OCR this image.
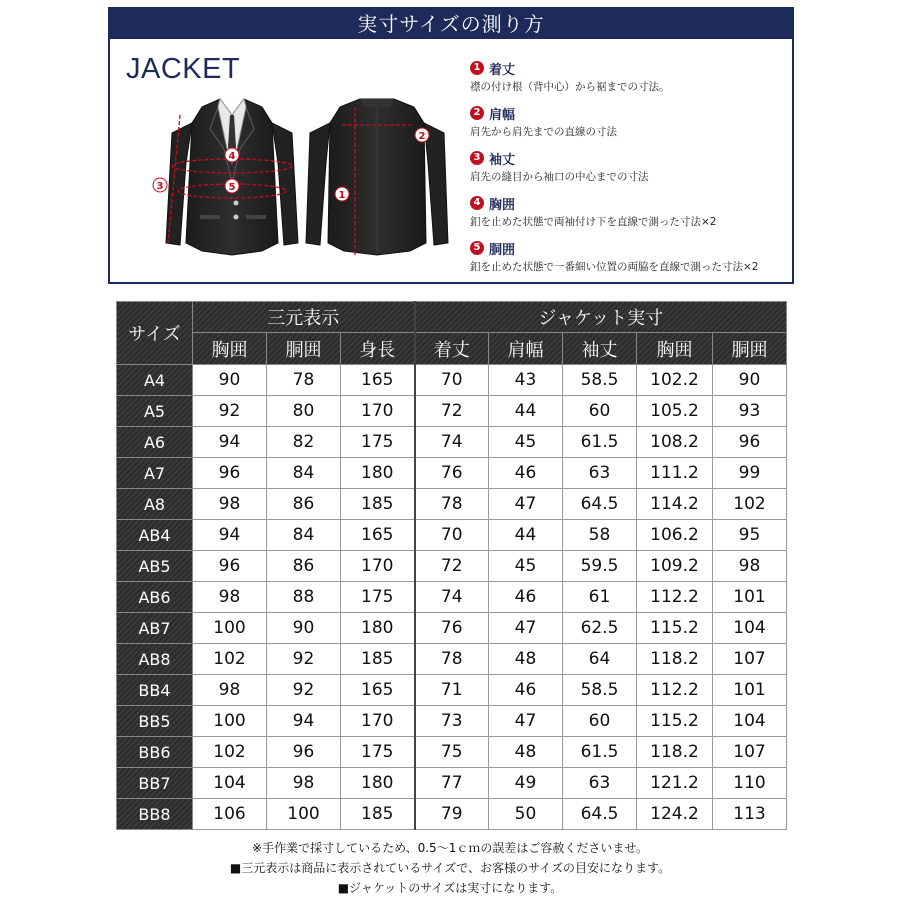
実寸サイズの測り方
JACKET
3
4
5
2
1
1 着丈
襟の付け根（背中心）から裾までの寸法。
2 肩幅
肩先から肩先までの直線の寸法
3 袖丈
肩先の縫目から袖口の中心までの寸法
4 胸囲
釦を止めた状態で両袖付け下を直線で測った寸法×2
5 胴囲
釦を止めた状態で一番細い位置の両脇を直線で測った寸法×2
サイズ	三元表示			ジャケット実寸				
	胸囲	胴囲	身長	着丈	肩幅	袖丈	胸囲	胴囲
A4	90	78	165	70	43	58.5	102.2	90
A5	92	80	170	72	44	60	105.2	93
A6	94	82	175	74	45	61.5	108.2	96
A7	96	84	180	76	46	63	111.2	99
A8	98	86	185	78	47	64.5	114.2	102
AB4	94	84	165	70	44	58	106.2	95
AB5	96	86	170	72	45	59.5	109.2	98
AB6	98	88	175	74	46	61	112.2	101
AB7	100	90	180	76	47	62.5	115.2	104
AB8	102	92	185	78	48	64	118.2	107
BB4	98	92	165	71	46	58.5	112.2	101
BB5	100	94	170	73	47	60	115.2	104
BB6	102	96	175	75	48	61.5	118.2	107
BB7	104	98	180	77	49	63	121.2	110
BB8	106	100	185	79	50	64.5	124.2	113
※手作業で採寸しているため、0.5～1ｃｍの誤差はご容赦くださいませ。
■三元表示は商品に表示されているサイズで、お客様のサイズの目安になります。
■ジャケットのサイズは実寸になります。
